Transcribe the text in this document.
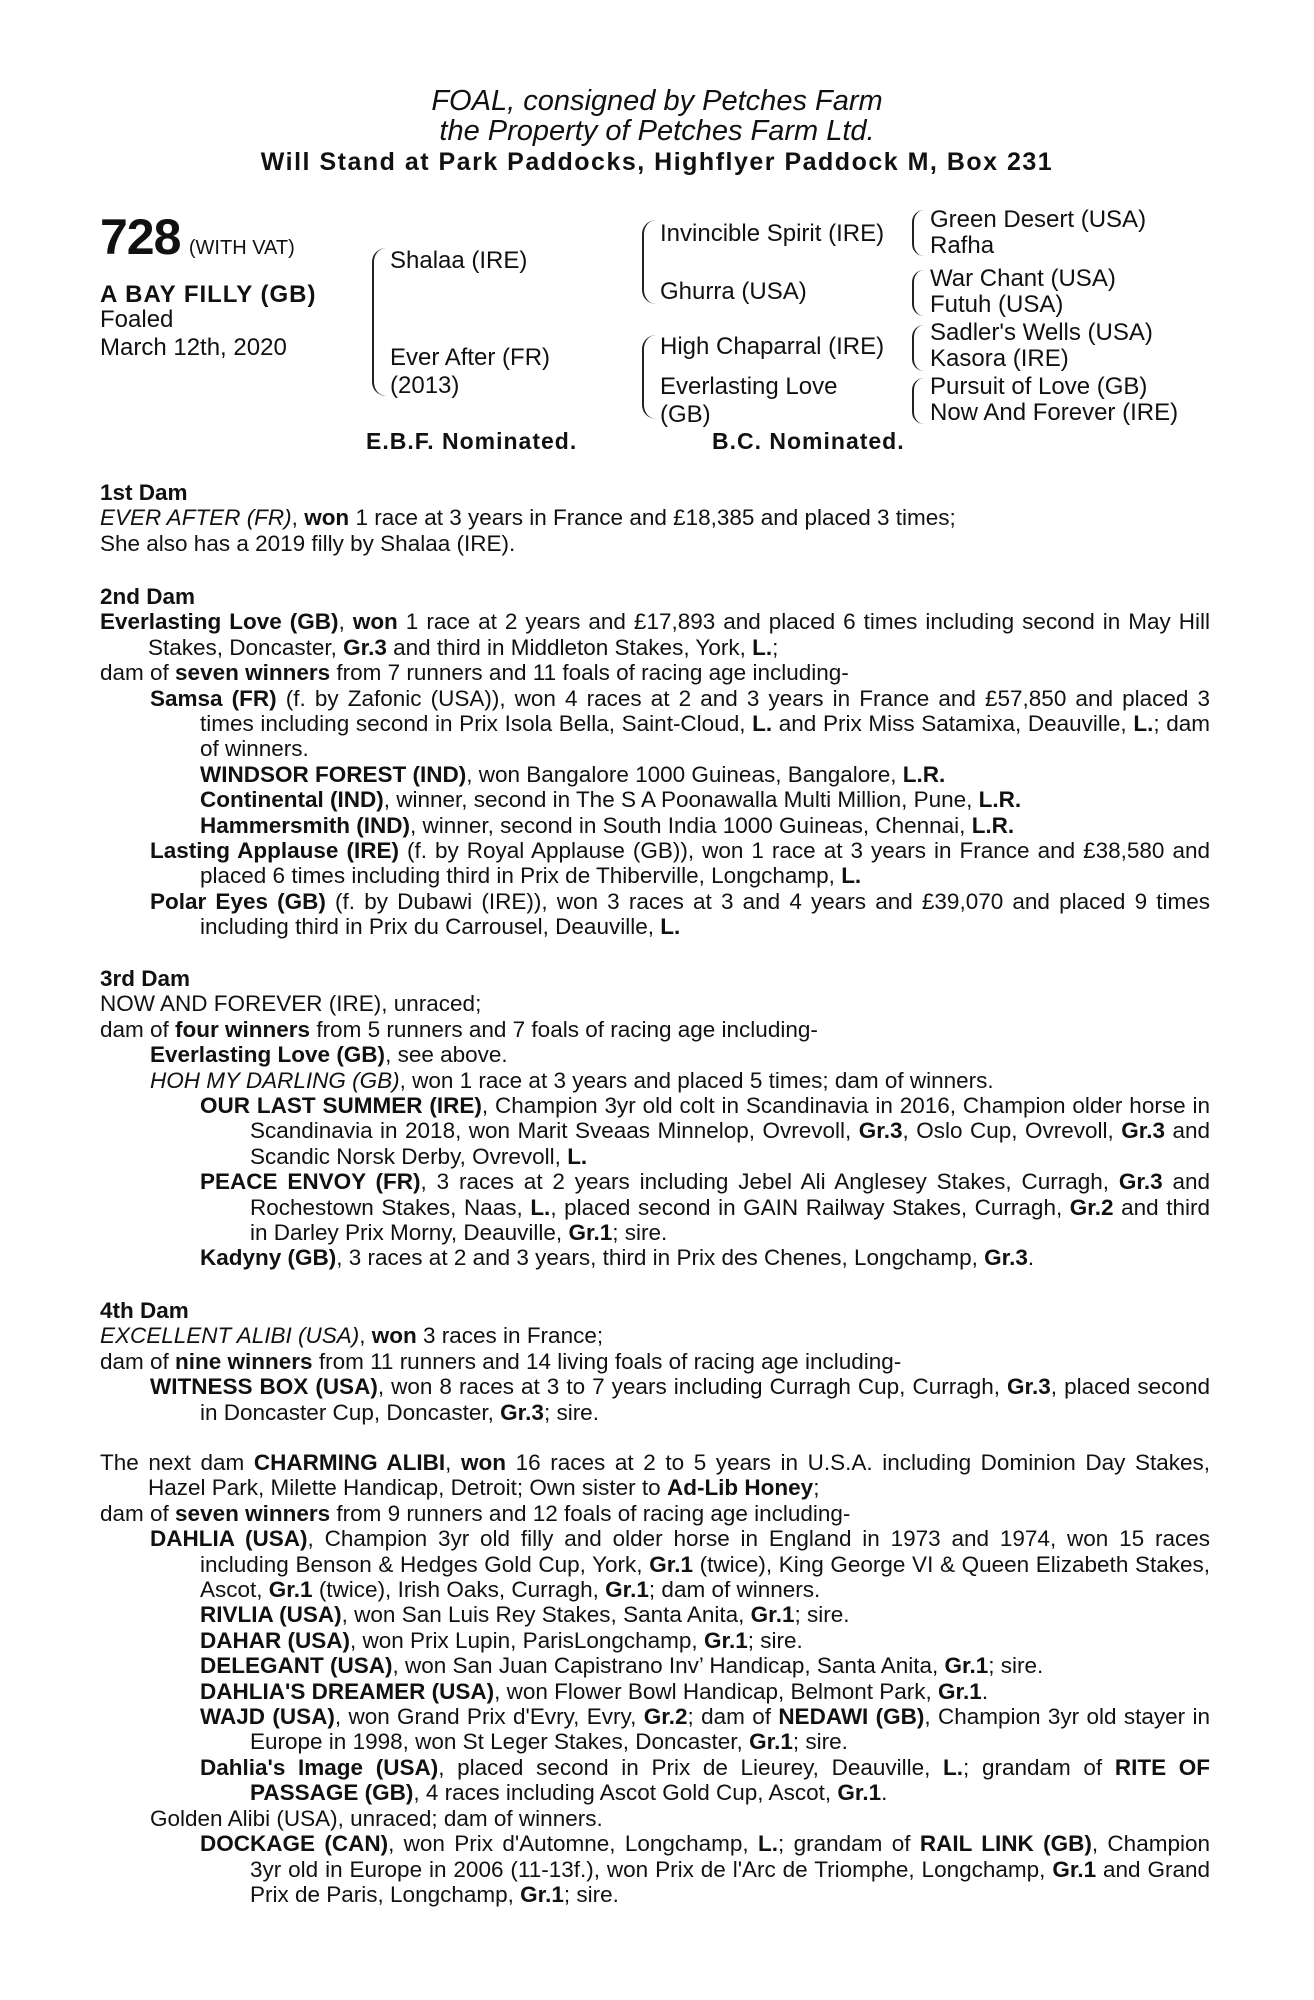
FOAL, consigned by Petches Farm
the Property of Petches Farm Ltd.
Will Stand at Park Paddocks, Highflyer Paddock M, Box 231
728 (WITH VAT)
A BAY FILLY (GB)
Foaled
March 12th, 2020
Shalaa (IRE)
Ever After (FR)
(2013)
Invincible Spirit (IRE)
Ghurra (USA)
High Chaparral (IRE)
Everlasting Love
(GB)
Green Desert (USA)
Rafha
War Chant (USA)
Futuh (USA)
Sadler's Wells (USA)
Kasora (IRE)
Pursuit of Love (GB)
Now And Forever (IRE)
E.B.F. Nominated.	B.C. Nominated.
1st Dam

EVER AFTER (FR), won 1 race at 3 years in France and £18,385 and placed 3 times;

She also has a 2019 filly by Shalaa (IRE).

2nd Dam

Everlasting Love (GB), won 1 race at 2 years and £17,893 and placed 6 times including second in May Hill Stakes, Doncaster, Gr.3 and third in Middleton Stakes, York, L.;

dam of seven winners from 7 runners and 11 foals of racing age including-

Samsa (FR) (f. by Zafonic (USA)), won 4 races at 2 and 3 years in France and £57,850 and placed 3 times including second in Prix Isola Bella, Saint-Cloud, L. and Prix Miss Satamixa, Deauville, L.; dam of winners.

WINDSOR FOREST (IND), won Bangalore 1000 Guineas, Bangalore, L.R.

Continental (IND), winner, second in The S A Poonawalla Multi Million, Pune, L.R.

Hammersmith (IND), winner, second in South India 1000 Guineas, Chennai, L.R.

Lasting Applause (IRE) (f. by Royal Applause (GB)), won 1 race at 3 years in France and £38,580 and placed 6 times including third in Prix de Thiberville, Longchamp, L.

Polar Eyes (GB) (f. by Dubawi (IRE)), won 3 races at 3 and 4 years and £39,070 and placed 9 times including third in Prix du Carrousel, Deauville, L.

3rd Dam

NOW AND FOREVER (IRE), unraced;

dam of four winners from 5 runners and 7 foals of racing age including-

Everlasting Love (GB), see above.

HOH MY DARLING (GB), won 1 race at 3 years and placed 5 times; dam of winners.

OUR LAST SUMMER (IRE), Champion 3yr old colt in Scandinavia in 2016, Champion older horse in Scandinavia in 2018, won Marit Sveaas Minnelop, Ovrevoll, Gr.3, Oslo Cup, Ovrevoll, Gr.3 and Scandic Norsk Derby, Ovrevoll, L.

PEACE ENVOY (FR), 3 races at 2 years including Jebel Ali Anglesey Stakes, Curragh, Gr.3 and Rochestown Stakes, Naas, L., placed second in GAIN Railway Stakes, Curragh, Gr.2 and third in Darley Prix Morny, Deauville, Gr.1; sire.

Kadyny (GB), 3 races at 2 and 3 years, third in Prix des Chenes, Longchamp, Gr.3.

4th Dam

EXCELLENT ALIBI (USA), won 3 races in France;

dam of nine winners from 11 runners and 14 living foals of racing age including-

WITNESS BOX (USA), won 8 races at 3 to 7 years including Curragh Cup, Curragh, Gr.3, placed second in Doncaster Cup, Doncaster, Gr.3; sire.

The next dam CHARMING ALIBI, won 16 races at 2 to 5 years in U.S.A. including Dominion Day Stakes, Hazel Park, Milette Handicap, Detroit; Own sister to Ad-Lib Honey;

dam of seven winners from 9 runners and 12 foals of racing age including-

DAHLIA (USA), Champion 3yr old filly and older horse in England in 1973 and 1974, won 15 races including Benson & Hedges Gold Cup, York, Gr.1 (twice), King George VI & Queen Elizabeth Stakes, Ascot, Gr.1 (twice), Irish Oaks, Curragh, Gr.1; dam of winners.

RIVLIA (USA), won San Luis Rey Stakes, Santa Anita, Gr.1; sire.

DAHAR (USA), won Prix Lupin, ParisLongchamp, Gr.1; sire.

DELEGANT (USA), won San Juan Capistrano Inv’ Handicap, Santa Anita, Gr.1; sire.

DAHLIA'S DREAMER (USA), won Flower Bowl Handicap, Belmont Park, Gr.1.

WAJD (USA), won Grand Prix d'Evry, Evry, Gr.2; dam of NEDAWI (GB), Champion 3yr old stayer in Europe in 1998, won St Leger Stakes, Doncaster, Gr.1; sire.

Dahlia's Image (USA), placed second in Prix de Lieurey, Deauville, L.; grandam of RITE OF PASSAGE (GB), 4 races including Ascot Gold Cup, Ascot, Gr.1.

Golden Alibi (USA), unraced; dam of winners.

DOCKAGE (CAN), won Prix d'Automne, Longchamp, L.; grandam of RAIL LINK (GB), Champion 3yr old in Europe in 2006 (11-13f.), won Prix de l'Arc de Triomphe, Longchamp, Gr.1 and Grand Prix de Paris, Longchamp, Gr.1; sire.
